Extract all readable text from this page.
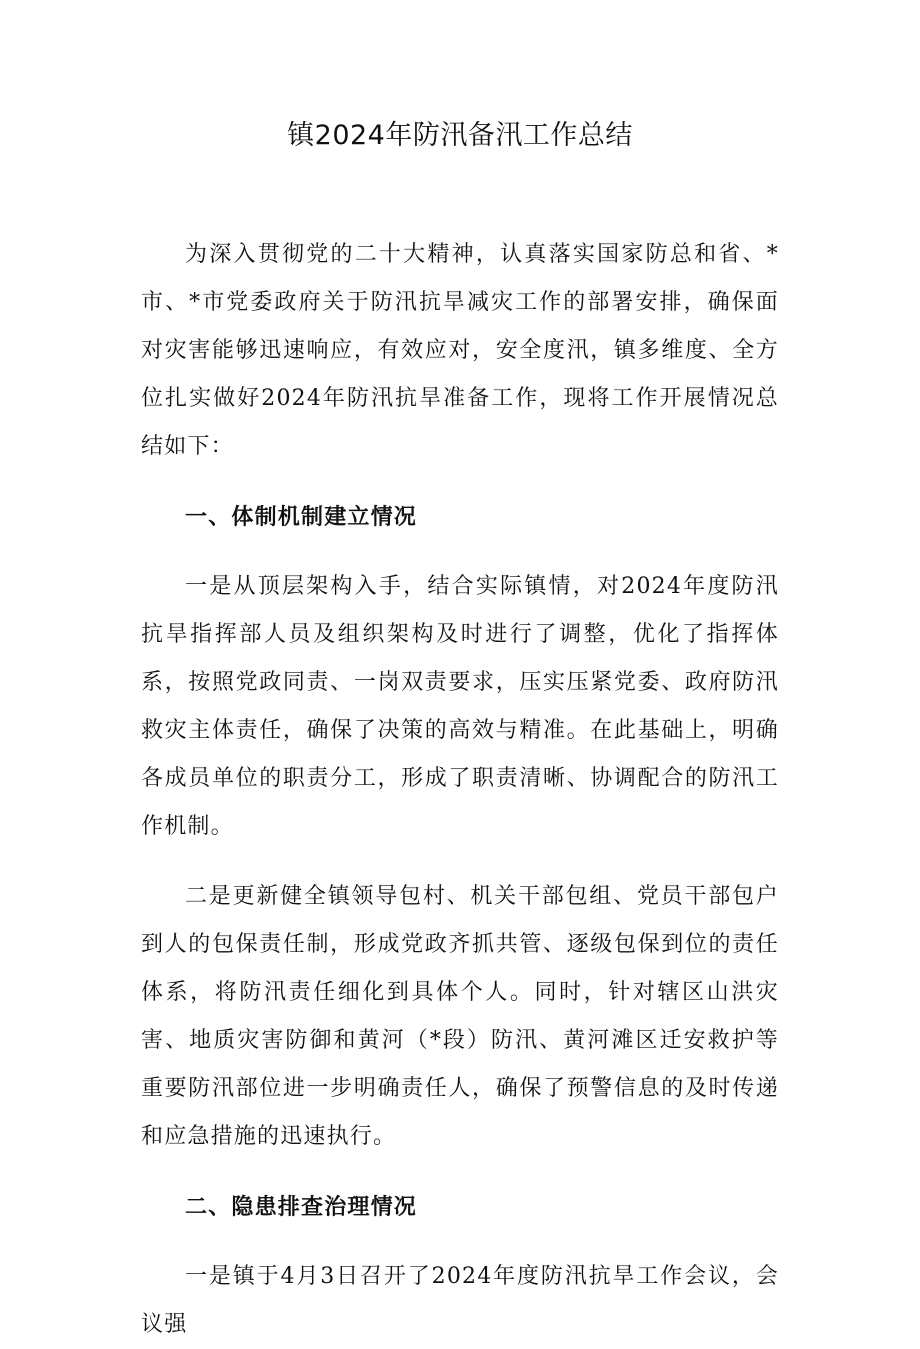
镇2024年防汛备汛工作总结

为深入贯彻党的二十大精神，认真落实国家防总和省、*市、*市党委政府关于防汛抗旱减灾工作的部署安排，确保面对灾害能够迅速响应，有效应对，安全度汛，镇多维度、全方位扎实做好2024年防汛抗旱准备工作，现将工作开展情况总结如下：

一、体制机制建立情况

一是从顶层架构入手，结合实际镇情，对2024年度防汛抗旱指挥部人员及组织架构及时进行了调整，优化了指挥体系，按照党政同责、一岗双责要求，压实压紧党委、政府防汛救灾主体责任，确保了决策的高效与精准。在此基础上，明确各成员单位的职责分工，形成了职责清晰、协调配合的防汛工作机制。

二是更新健全镇领导包村、机关干部包组、党员干部包户到人的包保责任制，形成党政齐抓共管、逐级包保到位的责任体系，将防汛责任细化到具体个人。同时，针对辖区山洪灾害、地质灾害防御和黄河（*段）防汛、黄河滩区迁安救护等重要防汛部位进一步明确责任人，确保了预警信息的及时传递和应急措施的迅速执行。

二、隐患排查治理情况

一是镇于4月3日召开了2024年度防汛抗旱工作会议，会议强
